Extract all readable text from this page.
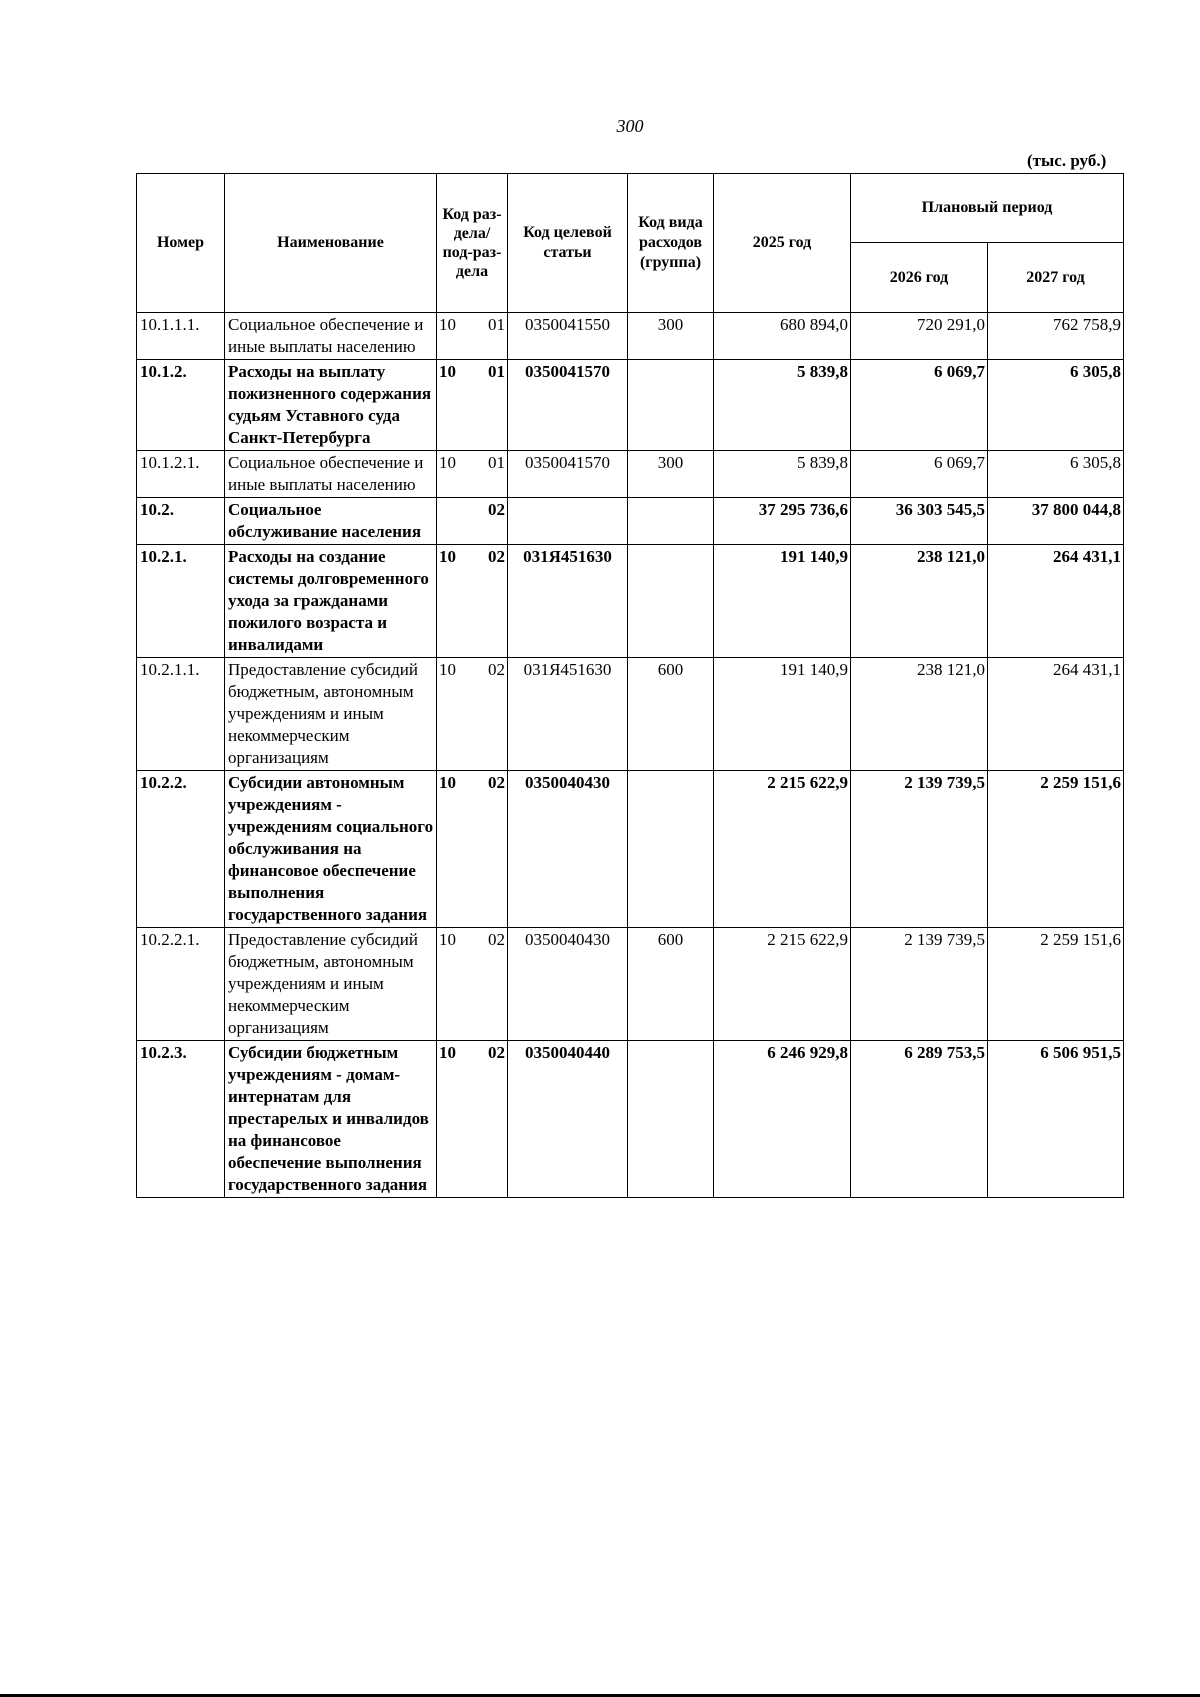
300
(тыс. руб.)
Номер	Наименование	Код раз-дела/ под-раз-дела	Код целевой статьи	Код вида расходов (группа)	2025 год	Плановый период	
						2026 год	2027 год
10.1.1.1.	Социальное обеспечение и иные выплаты населению	10 01	0350041550	300	680 894,0	720 291,0	762 758,9
10.1.2.	Расходы на выплату пожизненного содержания судьям Уставного суда Санкт-Петербурга	10 01	0350041570		5 839,8	6 069,7	6 305,8
10.1.2.1.	Социальное обеспечение и иные выплаты населению	10 01	0350041570	300	5 839,8	6 069,7	6 305,8
10.2.	Социальное обслуживание населения	02			37 295 736,6	36 303 545,5	37 800 044,8
10.2.1.	Расходы на создание системы долговременного ухода за гражданами пожилого возраста и инвалидами	10 02	031Я451630		191 140,9	238 121,0	264 431,1
10.2.1.1.	Предоставление субсидий бюджетным, автономным учреждениям и иным некоммерческим организациям	10 02	031Я451630	600	191 140,9	238 121,0	264 431,1
10.2.2.	Субсидии автономным учреждениям - учреждениям социального обслуживания на финансовое обеспечение выполнения государственного задания	10 02	0350040430		2 215 622,9	2 139 739,5	2 259 151,6
10.2.2.1.	Предоставление субсидий бюджетным, автономным учреждениям и иным некоммерческим организациям	10 02	0350040430	600	2 215 622,9	2 139 739,5	2 259 151,6
10.2.3.	Субсидии бюджетным учреждениям - домам-интернатам для престарелых и инвалидов на финансовое обеспечение выполнения государственного задания	10 02	0350040440		6 246 929,8	6 289 753,5	6 506 951,5
